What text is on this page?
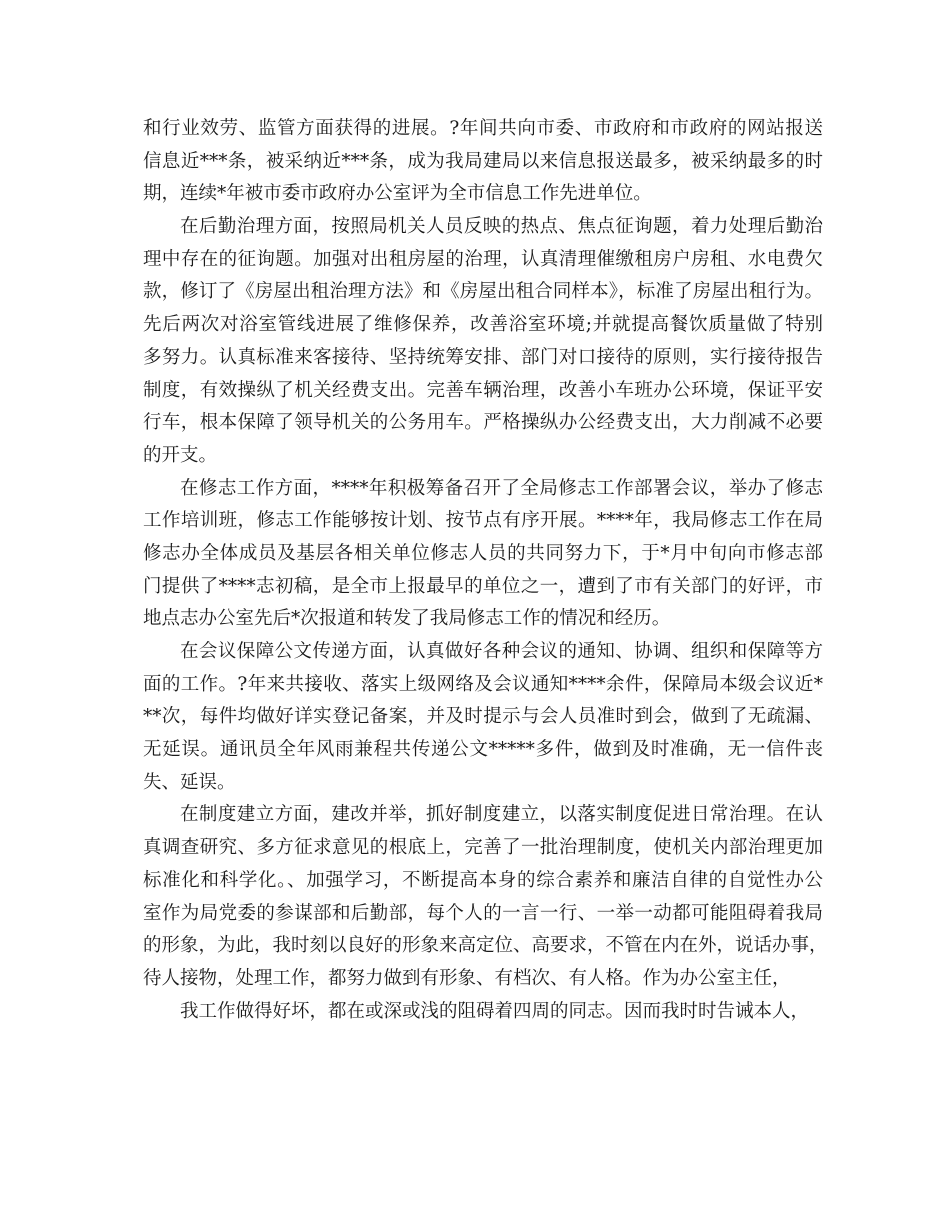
和行业效劳、监管方面获得的进展。?年间共向市委、市政府和市政府的网站报送
信息近***条，被采纳近***条，成为我局建局以来信息报送最多，被采纳最多的时
期，连续*年被市委市政府办公室评为全市信息工作先进单位。
在后勤治理方面，按照局机关人员反映的热点、焦点征询题，着力处理后勤治
理中存在的征询题。加强对出租房屋的治理，认真清理催缴租房户房租、水电费欠
款，修订了《房屋出租治理方法》和《房屋出租合同样本》，标准了房屋出租行为。
先后两次对浴室管线进展了维修保养，改善浴室环境;并就提高餐饮质量做了特别
多努力。认真标准来客接待、坚持统筹安排、部门对口接待的原则，实行接待报告
制度，有效操纵了机关经费支出。完善车辆治理，改善小车班办公环境，保证平安
行车，根本保障了领导机关的公务用车。严格操纵办公经费支出，大力削减不必要
的开支。
在修志工作方面，****年积极筹备召开了全局修志工作部署会议，举办了修志
工作培训班，修志工作能够按计划、按节点有序开展。****年，我局修志工作在局
修志办全体成员及基层各相关单位修志人员的共同努力下，于*月中旬向市修志部
门提供了****志初稿，是全市上报最早的单位之一，遭到了市有关部门的好评，市
地点志办公室先后*次报道和转发了我局修志工作的情况和经历。
在会议保障公文传递方面，认真做好各种会议的通知、协调、组织和保障等方
面的工作。?年来共接收、落实上级网络及会议通知****余件，保障局本级会议近*
**次，每件均做好详实登记备案，并及时提示与会人员准时到会，做到了无疏漏、
无延误。通讯员全年风雨兼程共传递公文*****多件，做到及时准确，无一信件丧
失、延误。
在制度建立方面，建改并举，抓好制度建立，以落实制度促进日常治理。在认
真调查研究、多方征求意见的根底上，完善了一批治理制度，使机关内部治理更加
标准化和科学化。、加强学习，不断提高本身的综合素养和廉洁自律的自觉性办公
室作为局党委的参谋部和后勤部，每个人的一言一行、一举一动都可能阻碍着我局
的形象，为此，我时刻以良好的形象来高定位、高要求，不管在内在外，说话办事，
待人接物，处理工作，都努力做到有形象、有档次、有人格。作为办公室主任，
我工作做得好坏，都在或深或浅的阻碍着四周的同志。因而我时时告诫本人，
